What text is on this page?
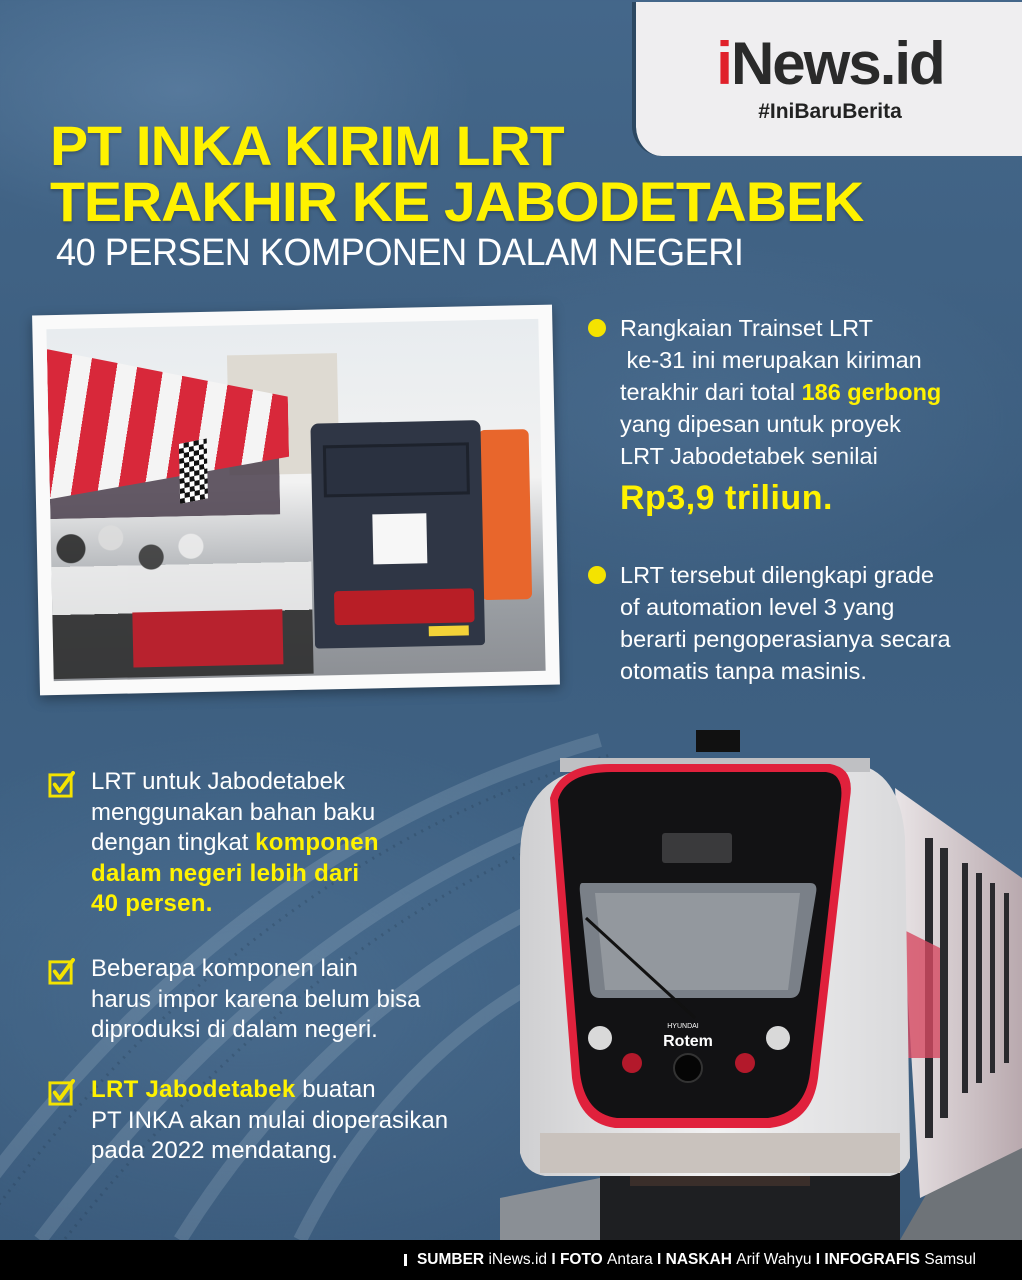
iNews.id
#IniBaruBerita
PT INKA KIRIM LRT
TERAKHIR KE JABODETABEK
40 PERSEN KOMPONEN DALAM NEGERI
Rangkaian Trainset LRT
ke-31 ini merupakan kiriman
terakhir dari total 186 gerbong
yang dipesan untuk proyek
LRT Jabodetabek senilai
Rp3,9 triliun.
LRT tersebut dilengkapi grade
of automation level 3 yang
berarti pengoperasianya secara
otomatis tanpa masinis.
LRT untuk Jabodetabek
menggunakan bahan baku
dengan tingkat komponen
dalam negeri lebih dari
40 persen.
Beberapa komponen lain
harus impor karena belum bisa
diproduksi di dalam negeri.
LRT Jabodetabek buatan
PT INKA akan mulai dioperasikan
pada 2022 mendatang.
HYUNDAI
Rotem
SUMBER
iNews.id I FOTO
Antara I NASKAH
Arif Wahyu I INFOGRAFIS
Samsul
